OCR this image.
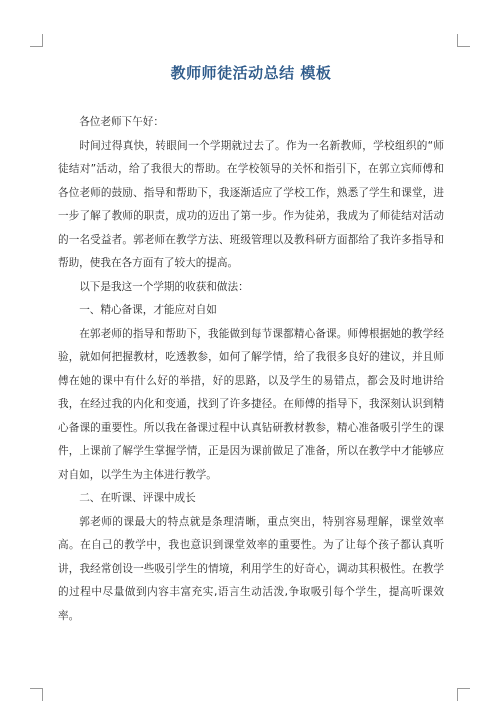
教师师徒活动总结 模板

各位老师下午好：

时间过得真快，转眼间一个学期就过去了。作为一名新教师，学校组织的“师徒结对”活动，给了我很大的帮助。在学校领导的关怀和指引下，在郭立宾师傅和各位老师的鼓励、指导和帮助下，我逐渐适应了学校工作，熟悉了学生和课堂，进一步了解了教师的职责，成功的迈出了第一步。作为徒弟，我成为了师徒结对活动的一名受益者。郭老师在教学方法、班级管理以及教科研方面都给了我许多指导和帮助，使我在各方面有了较大的提高。

以下是我这一个学期的收获和做法：

一、精心备课，才能应对自如

在郭老师的指导和帮助下，我能做到每节课都精心备课。师傅根据她的教学经验，就如何把握教材，吃透教参，如何了解学情，给了我很多良好的建议，并且师傅在她的课中有什么好的举措，好的思路，以及学生的易错点，都会及时地讲给我，在经过我的内化和变通，找到了许多捷径。在师傅的指导下，我深刻认识到精心备课的重要性。所以我在备课过程中认真钻研教材教参，精心准备吸引学生的课件，上课前了解学生掌握学情，正是因为课前做足了准备，所以在教学中才能够应对自如，以学生为主体进行教学。

二、在听课、评课中成长

郭老师的课最大的特点就是条理清晰，重点突出，特别容易理解，课堂效率高。在自己的教学中，我也意识到课堂效率的重要性。为了让每个孩子都认真听讲，我经常创设一些吸引学生的情境，利用学生的好奇心，调动其积极性。在教学的过程中尽量做到内容丰富充实,语言生动活泼,争取吸引每个学生，提高听课效率。
